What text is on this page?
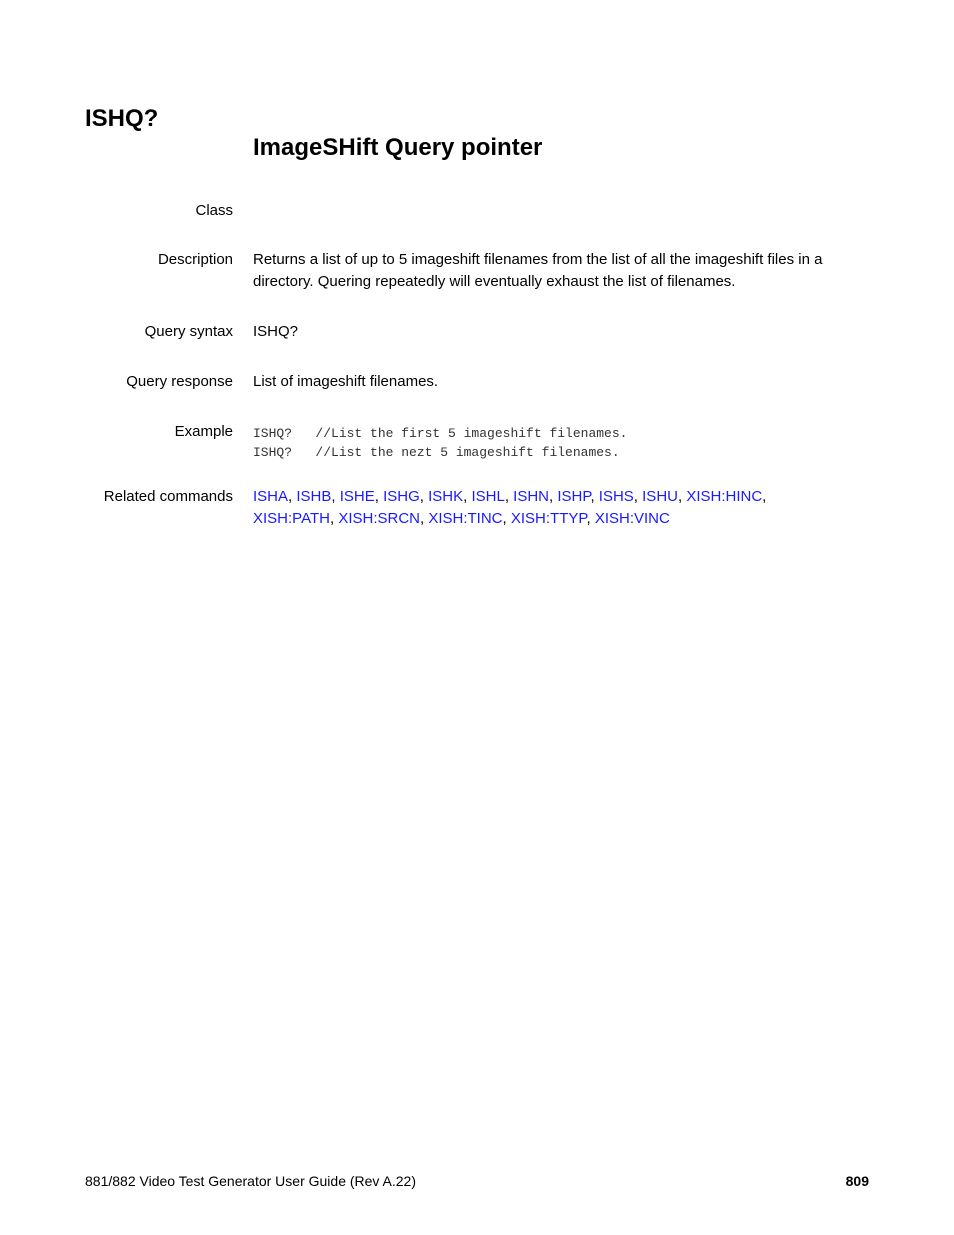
ISHQ?
ImageSHift Query pointer
Class
Description Returns a list of up to 5 imageshift filenames from the list of all the imageshift files in a directory. Quering repeatedly will eventually exhaust the list of filenames.
Query syntax ISHQ?
Query response List of imageshift filenames.
Example ISHQ?   //List the first 5 imageshift filenames.
ISHQ?   //List the nezt 5 imageshift filenames.
Related commands ISHA, ISHB, ISHE, ISHG, ISHK, ISHL, ISHN, ISHP, ISHS, ISHU, XISH:HINC, XISH:PATH, XISH:SRCN, XISH:TINC, XISH:TTYP, XISH:VINC
881/882 Video Test Generator User Guide (Rev A.22)	809
